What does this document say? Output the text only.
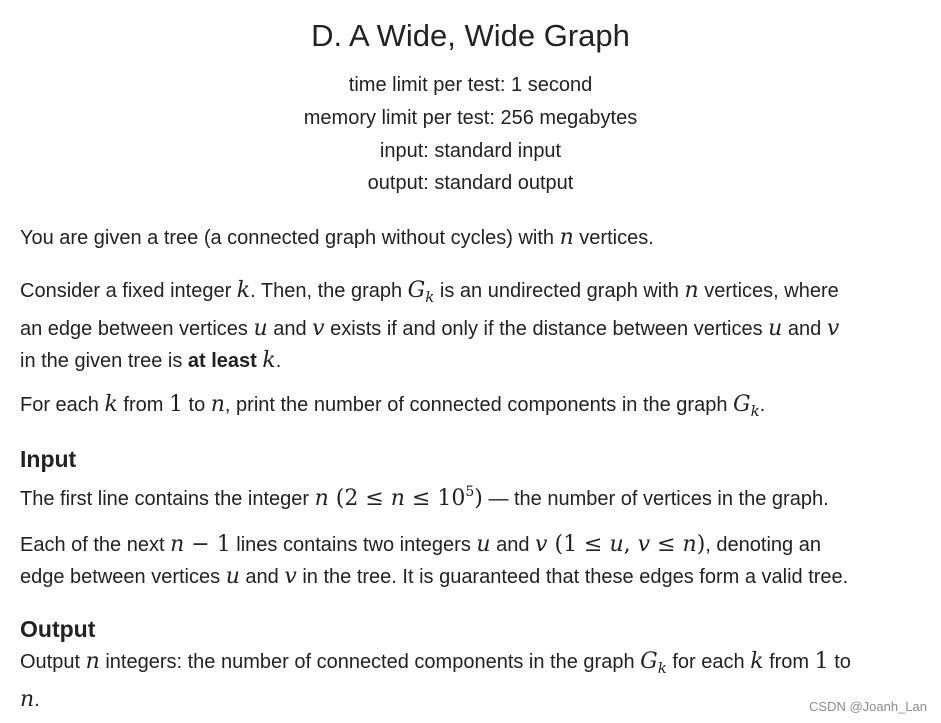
D. A Wide, Wide Graph
time limit per test: 1 second
memory limit per test: 256 megabytes
input: standard input
output: standard output
You are given a tree (a connected graph without cycles) with n vertices.
Consider a fixed integer k. Then, the graph $G_k$ is an undirected graph with n vertices, where
an edge between vertices u and v exists if and only if the distance between vertices u and v
in the given tree is at least k.
For each k from 1 to n, print the number of connected components in the graph $G_k$.
Input
The first line contains the integer n $(2 \le n \le 10^5)$ — the number of vertices in the graph.
Each of the next n − 1 lines contains two integers u and v (1 ≤ u, v ≤ n), denoting an
edge between vertices u and v in the tree. It is guaranteed that these edges form a valid tree.
Output
Output n integers: the number of connected components in the graph $G_k$ for each k from 1 to
n.	CSDN @Joanh_Lan
